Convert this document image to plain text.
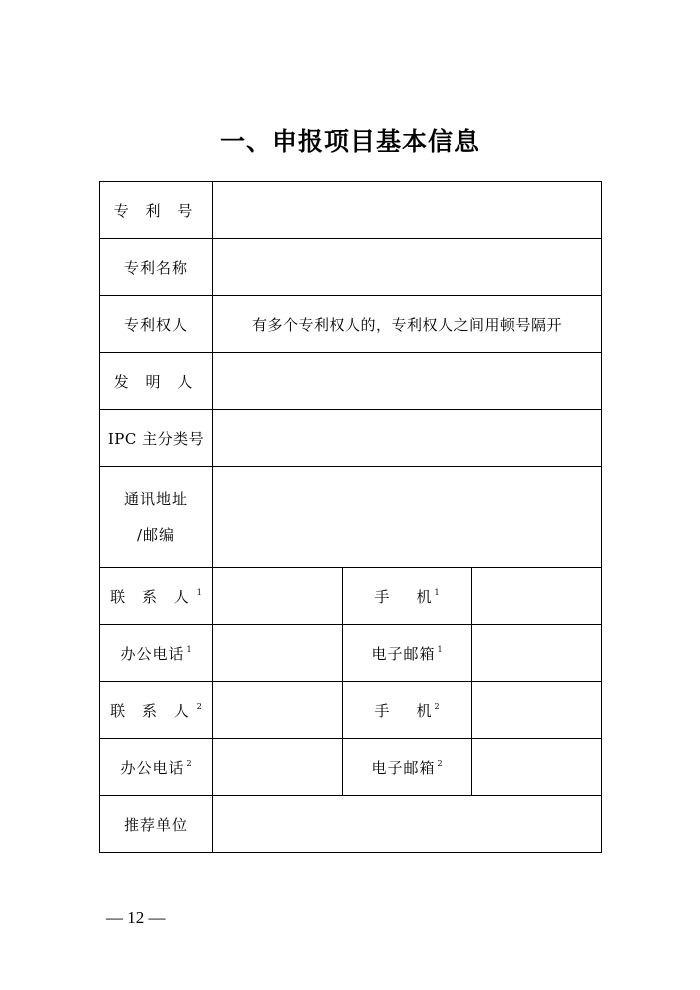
一、申报项目基本信息
专 利 号			
专利名称			
专利权人	有多个专利权人的，专利权人之间用顿号隔开		
发 明 人			
IPC 主分类号			
通讯地址
/邮编			
联 系 人 $^1$		手 机 $^1$	
办公电话 $^1$		电子邮箱 $^1$	
联 系 人 $^2$		手 机 $^2$	
办公电话 $^2$		电子邮箱 $^2$	
推荐单位			
— 12 —
